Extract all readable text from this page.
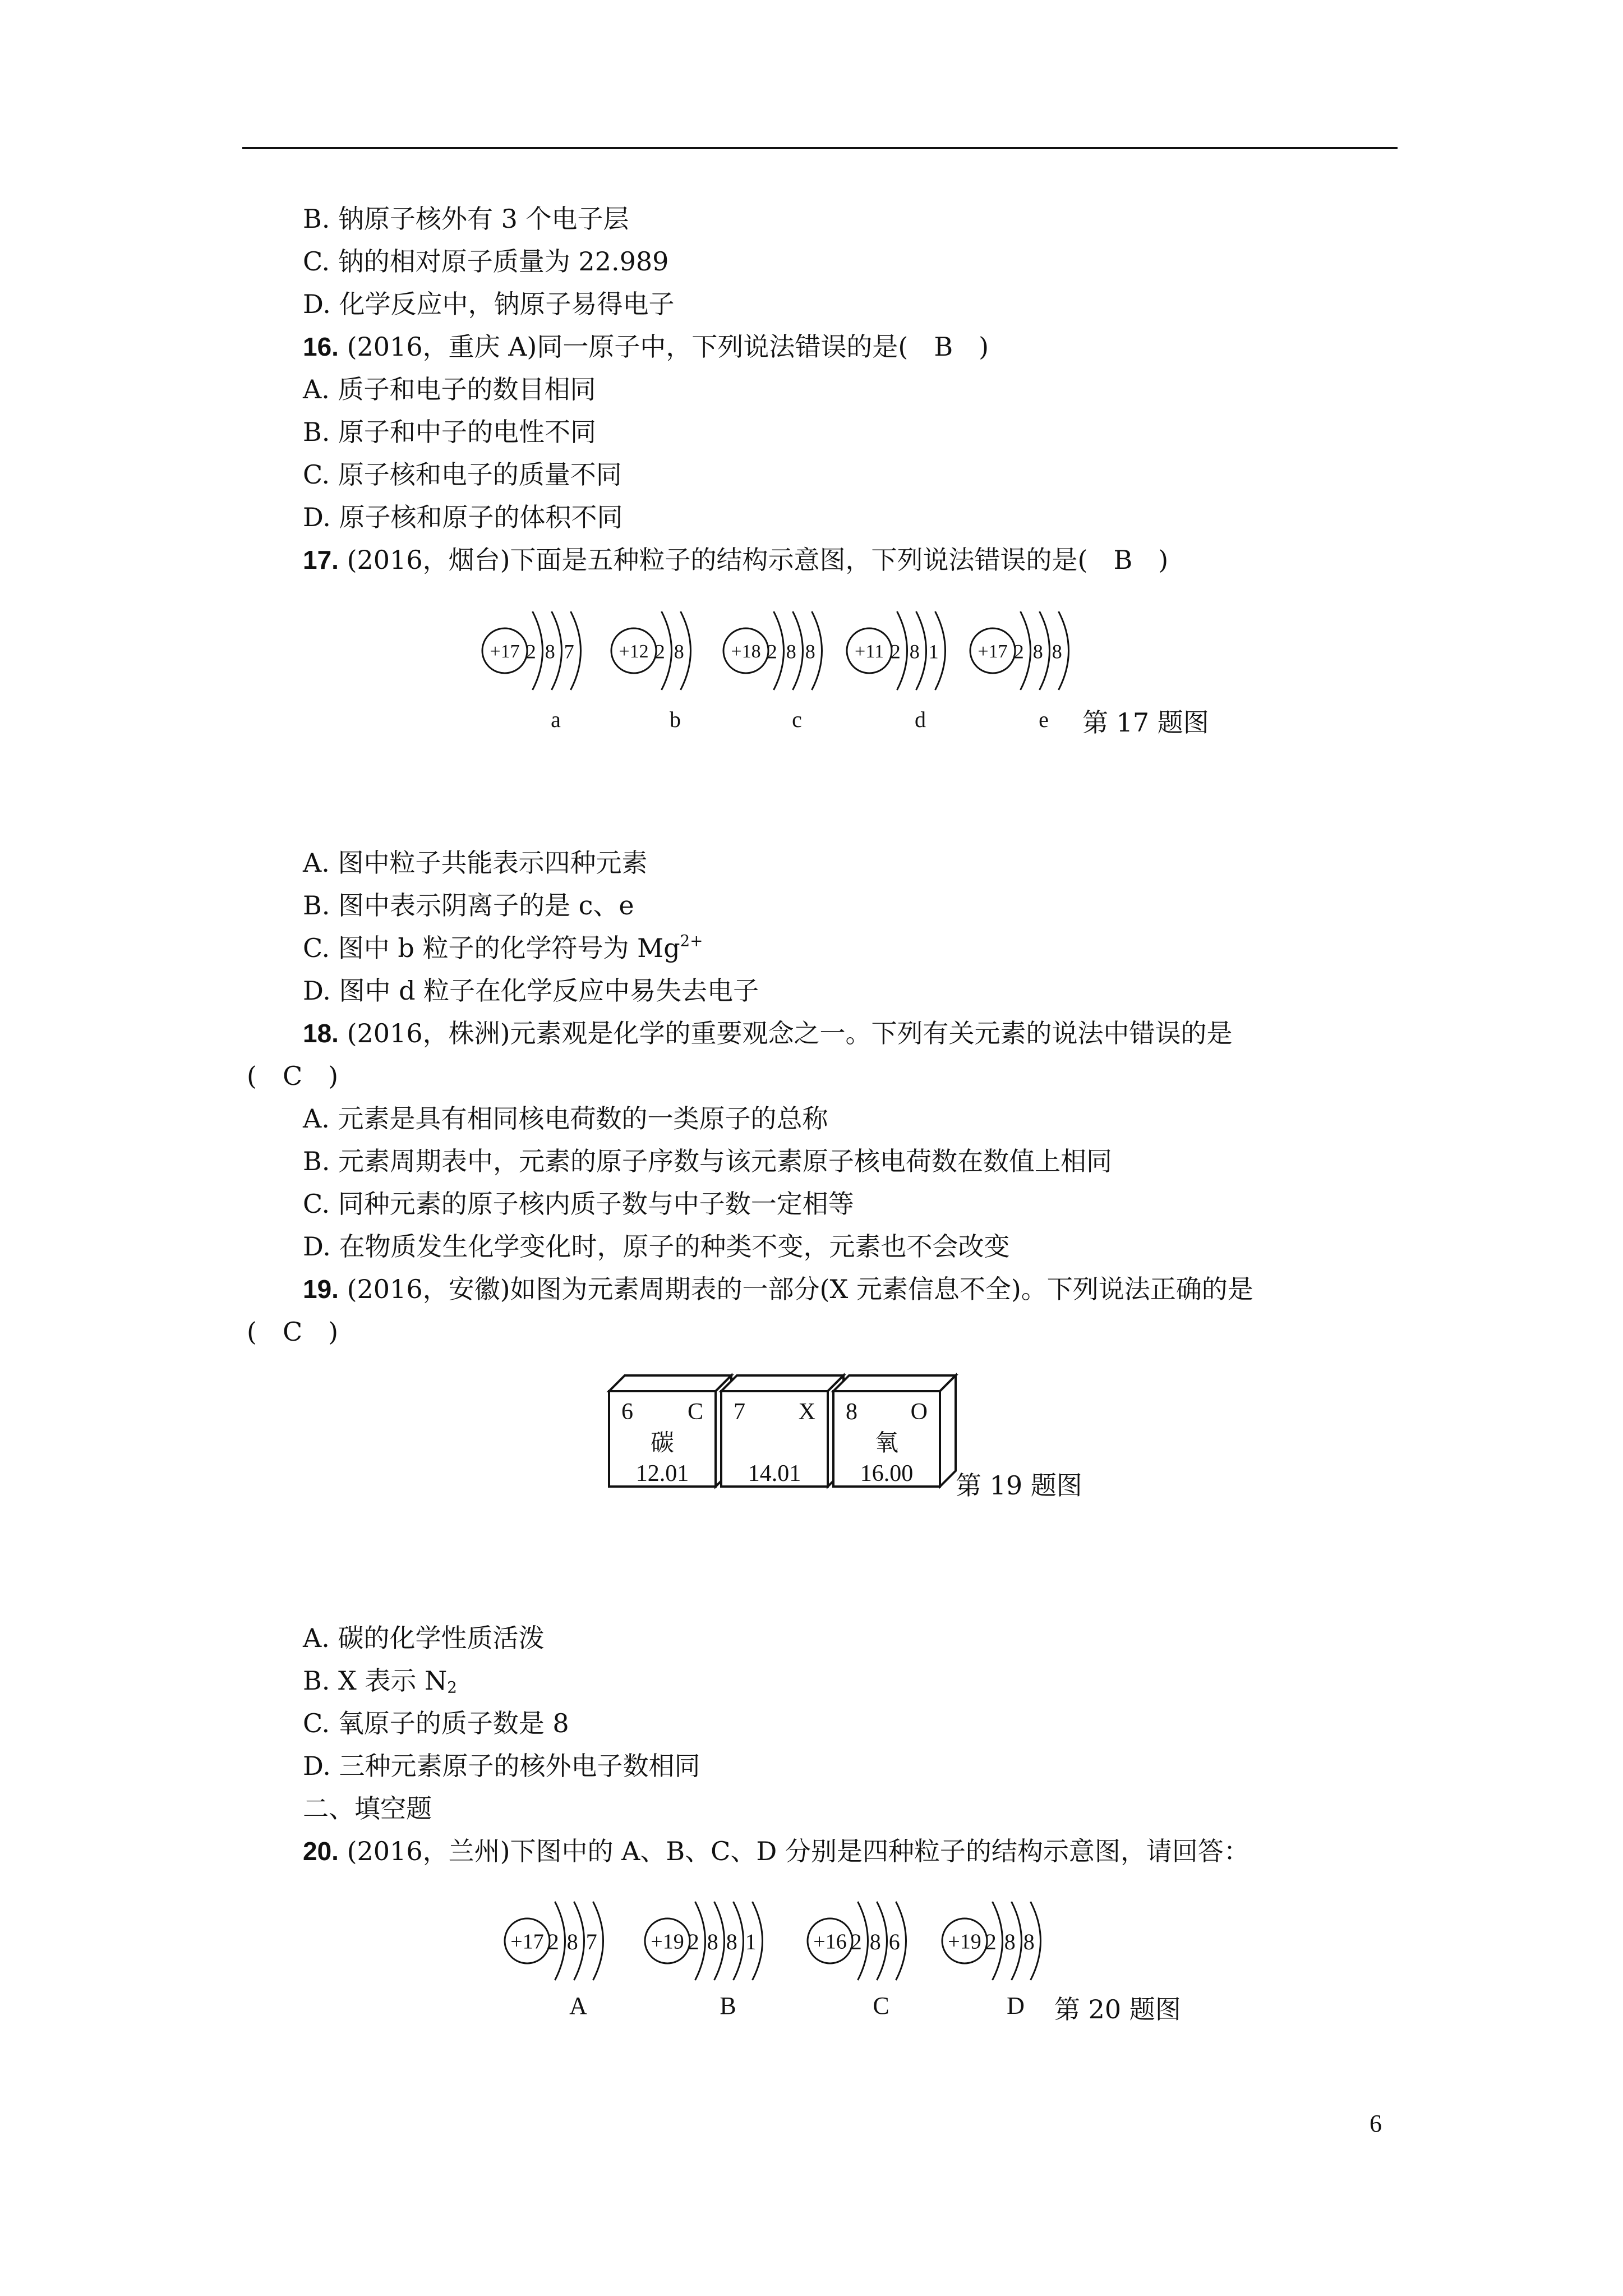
B. 钠原子核外有 3 个电子层
C. 钠的相对原子质量为 22.989
D. 化学反应中，钠原子易得电子
16. (2016，重庆 A)同一原子中，下列说法错误的是(　B　)
A. 质子和电子的数目相同
B. 原子和中子的电性不同
C. 原子核和电子的质量不同
D. 原子核和原子的体积不同
17. (2016，烟台)下面是五种粒子的结构示意图，下列说法错误的是(　B　)
+17 2 8 7
a
+12 2 8
b
+18 2 8 8
c
+11 2 8 1
d
+17 2 8 8
e 第 17 题图
A. 图中粒子共能表示四种元素
B. 图中表示阴离子的是 c、e
C. 图中 b 粒子的化学符号为 $Mg^{2+}$
D. 图中 d 粒子在化学反应中易失去电子
18. (2016，株洲)元素观是化学的重要观念之一。下列有关元素的说法中错误的是
(　C　)
A. 元素是具有相同核电荷数的一类原子的总称
B. 元素周期表中，元素的原子序数与该元素原子核电荷数在数值上相同
C. 同种元素的原子核内质子数与中子数一定相等
D. 在物质发生化学变化时，原子的种类不变，元素也不会改变
19. (2016，安徽)如图为元素周期表的一部分(X 元素信息不全)。下列说法正确的是
(　C　)
6 C
碳
12.01
7 X
14.01
8 O
氧
16.00 第 19 题图
A. 碳的化学性质活泼
B. X 表示 $N_2$
C. 氧原子的质子数是 8
D. 三种元素原子的核外电子数相同
二、填空题
20. (2016，兰州)下图中的 A、B、C、D 分别是四种粒子的结构示意图，请回答：
+17 2 8 7
A
+19 2 8 8 1
B
+16 2 8 6
C
+19 2 8 8
D 第 20 题图
6
